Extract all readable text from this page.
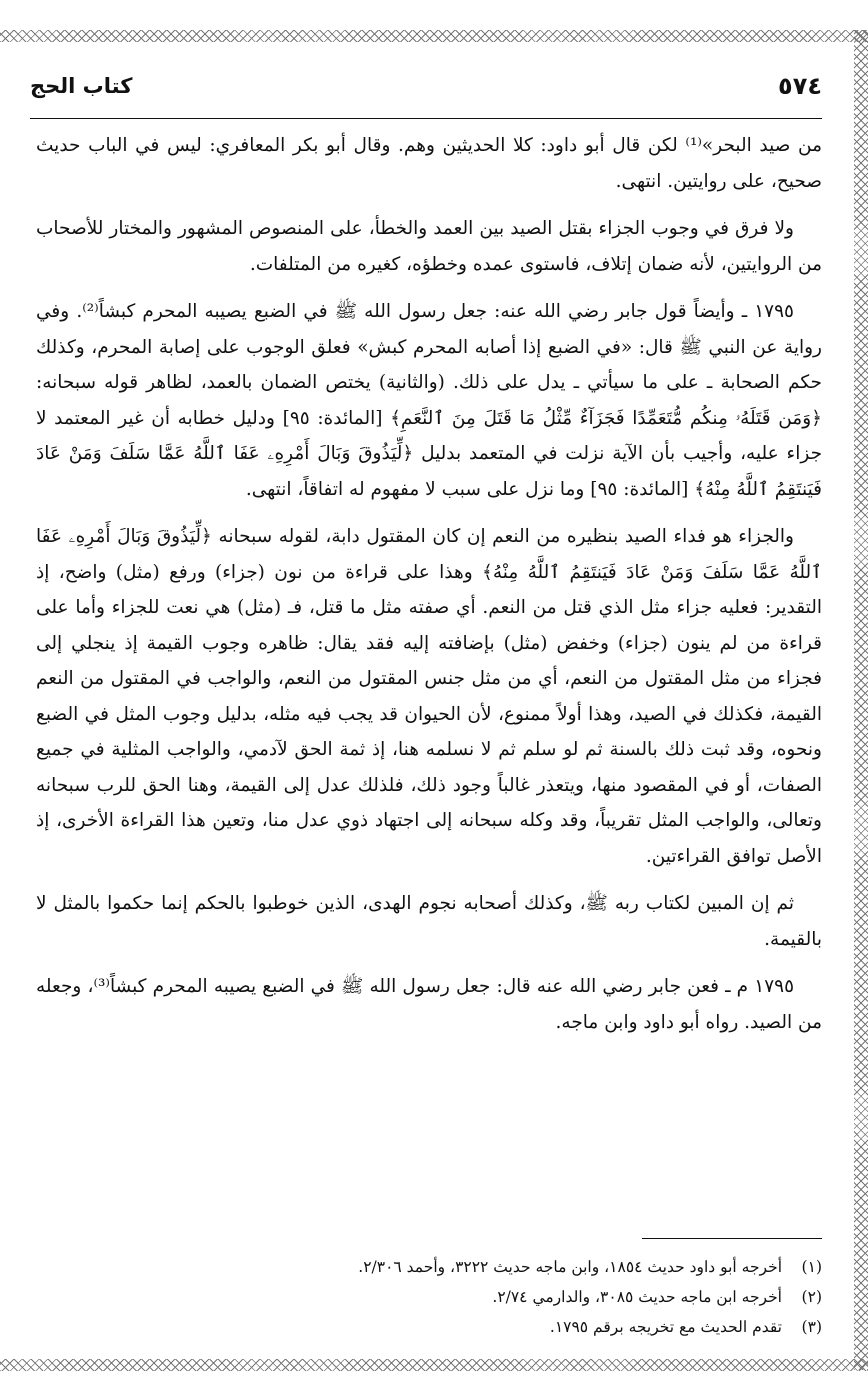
٥٧٤
كتاب الحج

من صيد البحر»⁽¹⁾ لكن قال أبو داود: كلا الحديثين وهم. وقال أبو بكر المعافري: ليس في الباب حديث صحيح، على روايتين. انتهى.

ولا فرق في وجوب الجزاء بقتل الصيد بين العمد والخطأ، على المنصوص المشهور والمختار للأصحاب من الروايتين، لأنه ضمان إتلاف، فاستوى عمده وخطؤه، كغيره من المتلفات.

١٧٩٥ ـ وأيضاً قول جابر رضي الله عنه: جعل رسول الله ﷺ في الضبع يصيبه المحرم كبشاً⁽²⁾. وفي رواية عن النبي ﷺ قال: «في الضبع إذا أصابه المحرم كبش» فعلق الوجوب على إصابة المحرم، وكذلك حكم الصحابة ـ على ما سيأتي ـ يدل على ذلك. (والثانية) يختص الضمان بالعمد، لظاهر قوله سبحانه: ﴿وَمَن قَتَلَهُۥ مِنكُم مُّتَعَمِّدًا فَجَزَآءٌ مِّثْلُ مَا قَتَلَ مِنَ ٱلنَّعَمِ﴾ [المائدة: ٩٥] ودليل خطابه أن غير المعتمد لا جزاء عليه، وأجيب بأن الآية نزلت في المتعمد بدليل ﴿لِّيَذُوقَ وَبَالَ أَمْرِهِۦ عَفَا ٱللَّهُ عَمَّا سَلَفَ وَمَنْ عَادَ فَيَنتَقِمُ ٱللَّهُ مِنْهُ﴾ [المائدة: ٩٥] وما نزل على سبب لا مفهوم له اتفاقاً، انتهى.

والجزاء هو فداء الصيد بنظيره من النعم إن كان المقتول دابة، لقوله سبحانه ﴿لِّيَذُوقَ وَبَالَ أَمْرِهِۦ عَفَا ٱللَّهُ عَمَّا سَلَفَ وَمَنْ عَادَ فَيَنتَقِمُ ٱللَّهُ مِنْهُ﴾ وهذا على قراءة من نون (جزاء) ورفع (مثل) واضح، إذ التقدير: فعليه جزاء مثل الذي قتل من النعم. أي صفته مثل ما قتل، فـ (مثل) هي نعت للجزاء وأما على قراءة من لم ينون (جزاء) وخفض (مثل) بإضافته إليه فقد يقال: ظاهره وجوب القيمة إذ ينجلي إلى فجزاء من مثل المقتول من النعم، أي من مثل جنس المقتول من النعم، والواجب في المقتول من النعم القيمة، فكذلك في الصيد، وهذا أولاً ممنوع، لأن الحيوان قد يجب فيه مثله، بدليل وجوب المثل في الضبع ونحوه، وقد ثبت ذلك بالسنة ثم لو سلم ثم لا نسلمه هنا، إذ ثمة الحق لآدمي، والواجب المثلية في جميع الصفات، أو في المقصود منها، ويتعذر غالباً وجود ذلك، فلذلك عدل إلى القيمة، وهنا الحق للرب سبحانه وتعالى، والواجب المثل تقريباً، وقد وكله سبحانه إلى اجتهاد ذوي عدل منا، وتعين هذا القراءة الأخرى، إذ الأصل توافق القراءتين.

ثم إن المبين لكتاب ربه ﷺ، وكذلك أصحابه نجوم الهدى، الذين خوطبوا بالحكم إنما حكموا بالمثل لا بالقيمة.

١٧٩٥ م ـ فعن جابر رضي الله عنه قال: جعل رسول الله ﷺ في الضبع يصيبه المحرم كبشاً⁽³⁾، وجعله من الصيد. رواه أبو داود وابن ماجه.

(١)
أخرجه أبو داود حديث ١٨٥٤، وابن ماجه حديث ٣٢٢٢، وأحمد ٢/٣٠٦.
(٢)
أخرجه ابن ماجه حديث ٣٠٨٥، والدارمي ٢/٧٤.
(٣)
تقدم الحديث مع تخريجه برقم ١٧٩٥.
